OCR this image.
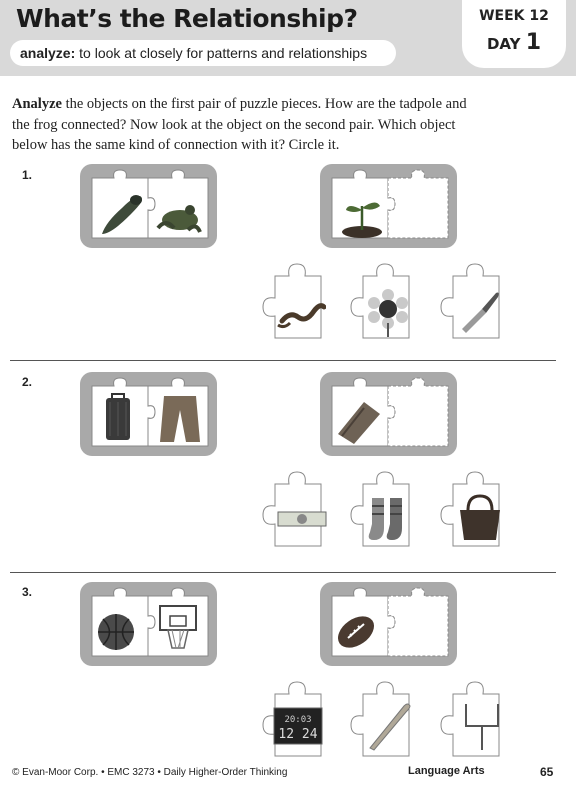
What’s the Relationship?
analyze: to look at closely for patterns and relationships
WEEK 12
DAY 1

Analyze the objects on the first pair of puzzle pieces. How are the tadpole and the frog connected? Now look at the object on the second pair. Which object below has the same kind of connection with it? Circle it.

1.
2.
3.
20:03
12 24
© Evan-Moor Corp. • EMC 3273 • Daily Higher-Order Thinking	Language Arts	65
